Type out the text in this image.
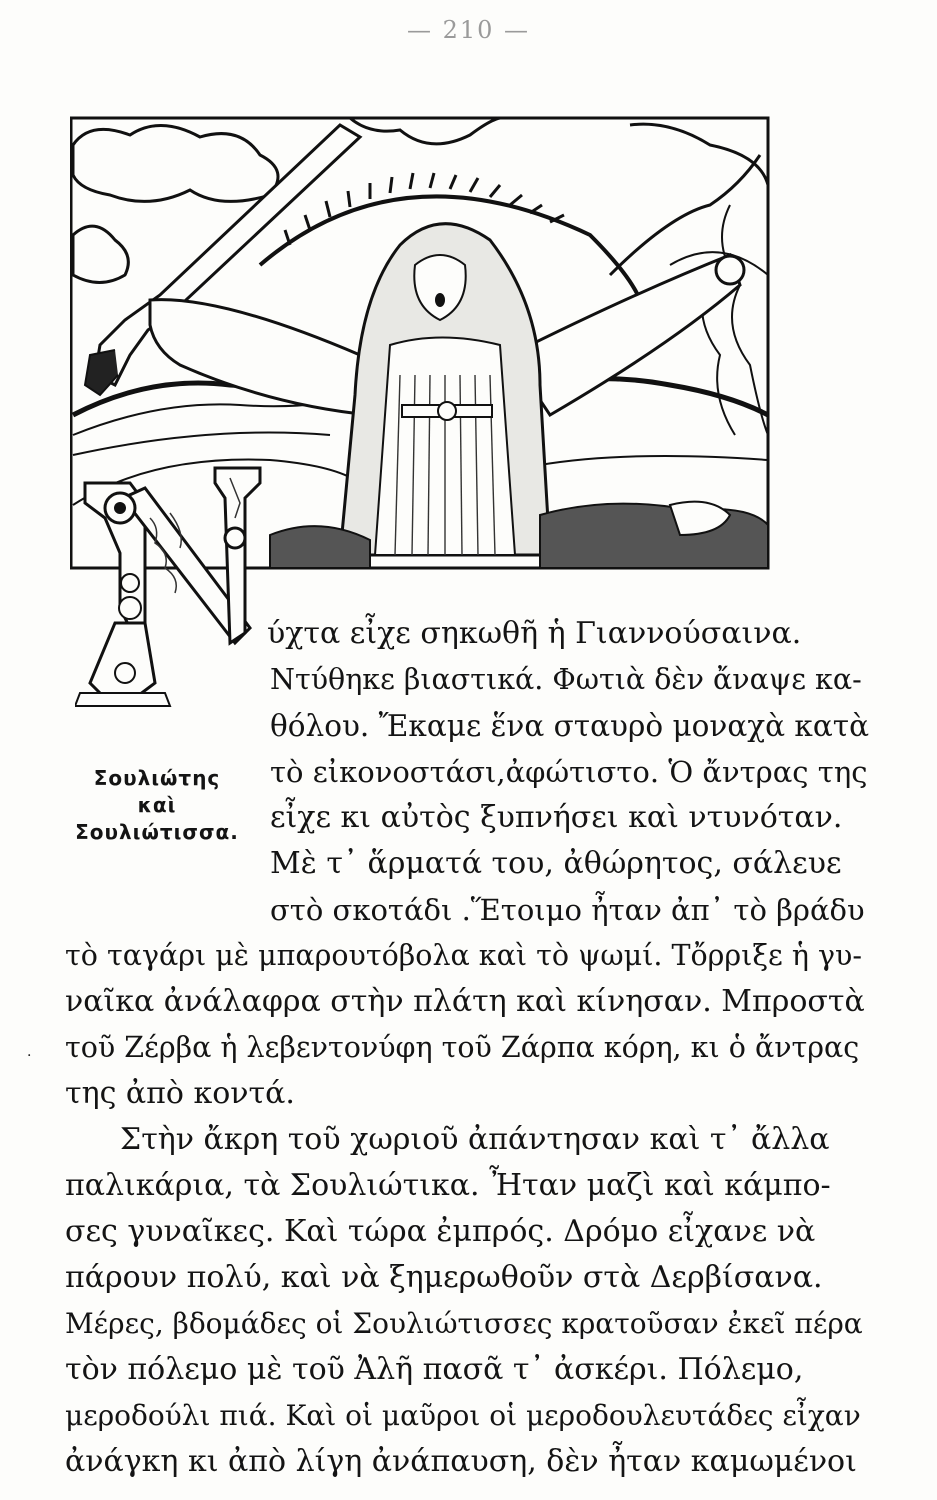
— 210 —
Σουλιώτης
καὶ
Σουλιώτισσα.
·
ύχτα εἶχε σηκωθῆ ἡ Γιαννούσαινα.
Ντύθηκε βιαστικά. Φωτιὰ δὲν ἄναψε κα-
θόλου. Ἔκαμε ἕνα σταυρὸ μοναχὰ κατὰ
τὸ εἰκονοστάσι,ἀφώτιστο. Ὁ ἄντρας της
εἶχε κι αὐτὸς ξυπνήσει καὶ ντυνόταν.
Μὲ τ᾽ ἅρματά του, ἀθώρητος, σάλευε
στὸ σκοτάδι .Ἕτοιμο ἦταν ἀπ᾽ τὸ βράδυ
τὸ ταγάρι μὲ μπαρουτόβολα καὶ τὸ ψωμί. Τὄρριξε ἡ γυ-
ναῖκα ἀνάλαφρα στὴν πλάτη καὶ κίνησαν. Μπροστὰ
τοῦ Ζέρβα ἡ λεβεντονύφη τοῦ Ζάρπα κόρη, κι ὁ ἄντρας
της ἀπὸ κοντά.
Στὴν ἄκρη τοῦ χωριοῦ ἀπάντησαν καὶ τ᾽ ἄλλα
παλικάρια, τὰ Σουλιώτικα. Ἦταν μαζὶ καὶ κάμπο-
σες γυναῖκες. Καὶ τώρα ἐμπρός. Δρόμο εἶχανε νὰ
πάρουν πολύ, καὶ νὰ ξημερωθοῦν στὰ Δερβίσανα.
Μέρες, βδομάδες οἱ Σουλιώτισσες κρατοῦσαν ἐκεῖ πέρα
τὸν πόλεμο μὲ τοῦ Ἀλῆ πασᾶ τ᾽ ἀσκέρι. Πόλεμο,
μεροδούλι πιά. Καὶ οἱ μαῦροι οἱ μεροδουλευτάδες εἶχαν
ἀνάγκη κι ἀπὸ λίγη ἀνάπαυση, δὲν ἦταν καμωμένοι
